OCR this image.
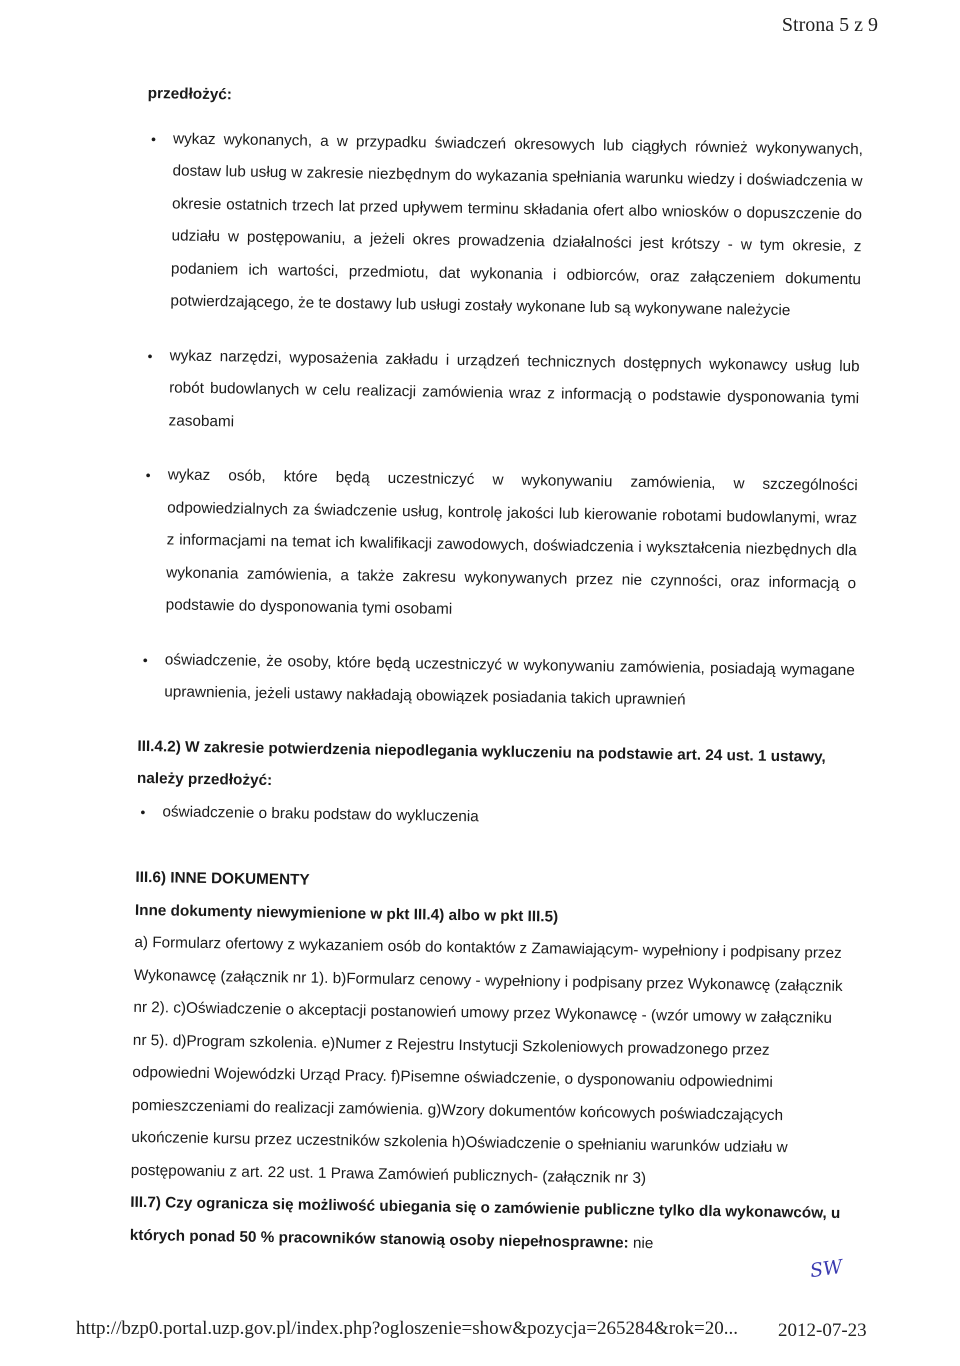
Strona 5 z 9

przedłożyć:

• wykaz wykonanych, a w przypadku świadczeń okresowych lub ciągłych również wykonywanych, dostaw lub usług w zakresie niezbędnym do wykazania spełniania warunku wiedzy i doświadczenia w okresie ostatnich trzech lat przed upływem terminu składania ofert albo wniosków o dopuszczenie do udziału w postępowaniu, a jeżeli okres prowadzenia działalności jest krótszy - w tym okresie, z podaniem ich wartości, przedmiotu, dat wykonania i odbiorców, oraz załączeniem dokumentu potwierdzającego, że te dostawy lub usługi zostały wykonane lub są wykonywane należycie
• wykaz narzędzi, wyposażenia zakładu i urządzeń technicznych dostępnych wykonawcy usług lub robót budowlanych w celu realizacji zamówienia wraz z informacją o podstawie dysponowania tymi zasobami
• wykaz osób, które będą uczestniczyć w wykonywaniu zamówienia, w szczególności odpowiedzialnych za świadczenie usług, kontrolę jakości lub kierowanie robotami budowlanymi, wraz z informacjami na temat ich kwalifikacji zawodowych, doświadczenia i wykształcenia niezbędnych dla wykonania zamówienia, a także zakresu wykonywanych przez nie czynności, oraz informacją o podstawie do dysponowania tymi osobami
• oświadczenie, że osoby, które będą uczestniczyć w wykonywaniu zamówienia, posiadają wymagane uprawnienia, jeżeli ustawy nakładają obowiązek posiadania takich uprawnień

III.4.2) W zakresie potwierdzenia niepodlegania wykluczeniu na podstawie art. 24 ust. 1 ustawy, należy przedłożyć:

• oświadczenie o braku podstaw do wykluczenia

III.6) INNE DOKUMENTY

Inne dokumenty niewymienione w pkt III.4) albo w pkt III.5)

a) Formularz ofertowy z wykazaniem osób do kontaktów z Zamawiającym- wypełniony i podpisany przez Wykonawcę (załącznik nr 1). b)Formularz cenowy - wypełniony i podpisany przez Wykonawcę (załącznik nr 2). c)Oświadczenie o akceptacji postanowień umowy przez Wykonawcę - (wzór umowy w załączniku nr 5). d)Program szkolenia. e)Numer z Rejestru Instytucji Szkoleniowych prowadzonego przez odpowiedni Wojewódzki Urząd Pracy. f)Pisemne oświadczenie, o dysponowaniu odpowiednimi pomieszczeniami do realizacji zamówienia. g)Wzory dokumentów końcowych poświadczających ukończenie kursu przez uczestników szkolenia h)Oświadczenie o spełnianiu warunków udziału w postępowaniu z art. 22 ust. 1 Prawa Zamówień publicznych- (załącznik nr 3)

III.7) Czy ogranicza się możliwość ubiegania się o zamówienie publiczne tylko dla wykonawców, u których ponad 50 % pracowników stanowią osoby niepełnosprawne: nie

SW
http://bzp0.portal.uzp.gov.pl/index.php?ogloszenie=show&pozycja=265284&rok=20... 2012-07-23
